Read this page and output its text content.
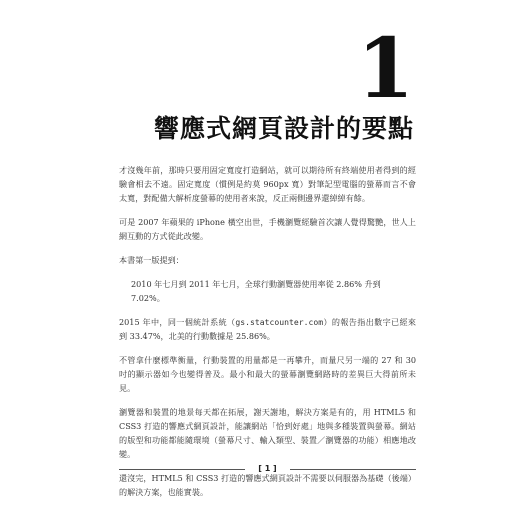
1
響應式網頁設計的要點

才沒幾年前，那時只要用固定寬度打造網站，就可以期待所有終端使用者得到的經驗會相去不遠。固定寬度（慣例是約莫 960px 寬）對筆記型電腦的螢幕而言不會太寬，對配備大解析度螢幕的使用者來說，反正兩側邊界還綽綽有餘。

可是 2007 年蘋果的 iPhone 橫空出世，手機瀏覽經驗首次讓人覺得驚艷，世人上網互動的方式從此改變。

本書第一版提到：

2010 年七月到 2011 年七月，全球行動瀏覽器使用率從 2.86% 升到 7.02%。

2015 年中，同一個統計系統（gs.statcounter.com）的報告指出數字已經來到 33.47%，北美的行動數據是 25.86%。

不管拿什麼標準衡量，行動裝置的用量都是一再攀升，而量尺另一端的 27 和 30 吋的顯示器如今也變得普及。最小和最大的螢幕瀏覽網路時的差異巨大得前所未見。

瀏覽器和裝置的地景每天都在拓展，謝天謝地，解決方案是有的，用 HTML5 和 CSS3 打造的響應式網頁設計，能讓網站「恰到好處」地與多種裝置與螢幕。網站的版型和功能都能隨環境（螢幕尺寸、輸入類型、裝置／瀏覽器的功能）相應地改變。

還沒完，HTML5 和 CSS3 打造的響應式網頁設計不需要以伺服器為基礎（後端）的解決方案，也能實裝。

[ 1 ]
